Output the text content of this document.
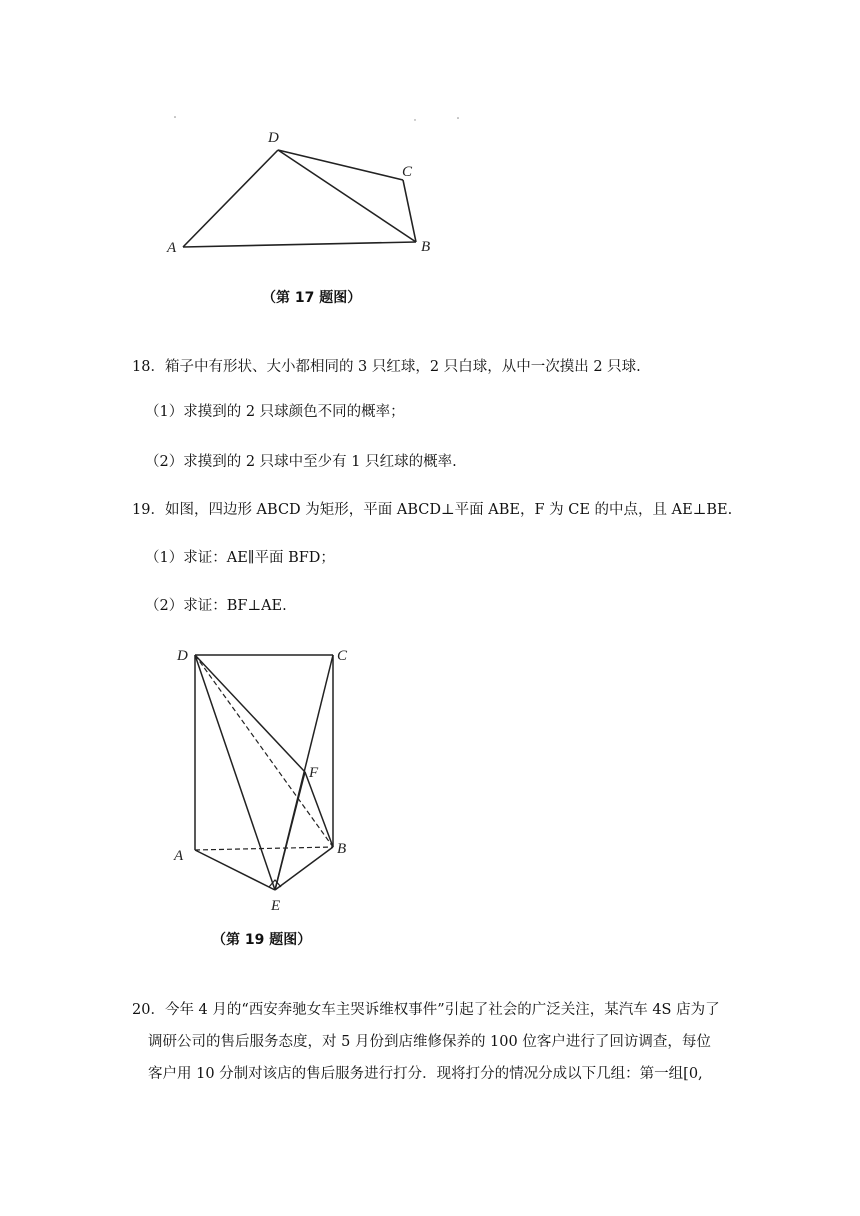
D
C
A	B
（第 17 题图）
18．箱子中有形状、大小都相同的 3 只红球，2 只白球，从中一次摸出 2 只球.
（1）求摸到的 2 只球颜色不同的概率；
（2）求摸到的 2 只球中至少有 1 只红球的概率.
19．如图，四边形 ABCD 为矩形，平面 ABCD⊥平面 ABE，F 为 CE 的中点，且 AE⊥BE.
（1）求证：AE∥平面 BFD；
（2）求证：BF⊥AE.
D	C
F
A	B
E
（第 19 题图）
20．今年 4 月的“西安奔驰女车主哭诉维权事件”引起了社会的广泛关注，某汽车 4S 店为了
调研公司的售后服务态度，对 5 月份到店维修保养的 100 位客户进行了回访调查，每位
客户用 10 分制对该店的售后服务进行打分．现将打分的情况分成以下几组：第一组[0,
